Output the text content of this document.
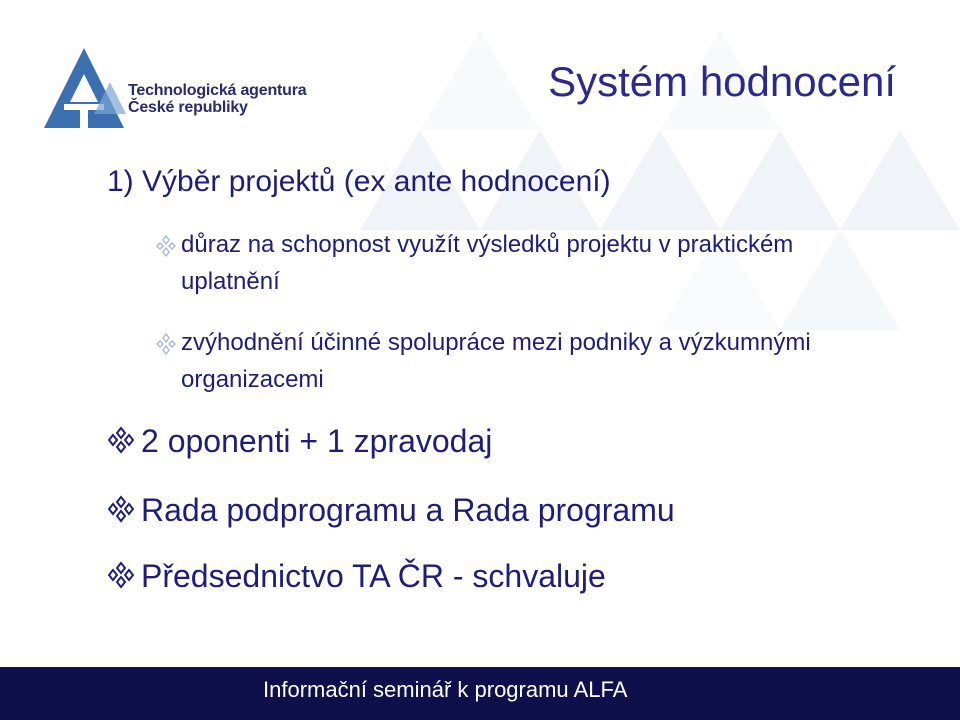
Technologická agentura
České republiky
Systém hodnocení
1) Výběr projektů (ex ante hodnocení)
důraz na schopnost využít výsledků projektu v praktickém uplatnění
zvýhodnění účinné spolupráce mezi podniky a výzkumnými organizacemi
2 oponenti + 1 zpravodaj
Rada podprogramu a Rada programu
Předsednictvo TA ČR - schvaluje
Informační seminář k programu ALFA
